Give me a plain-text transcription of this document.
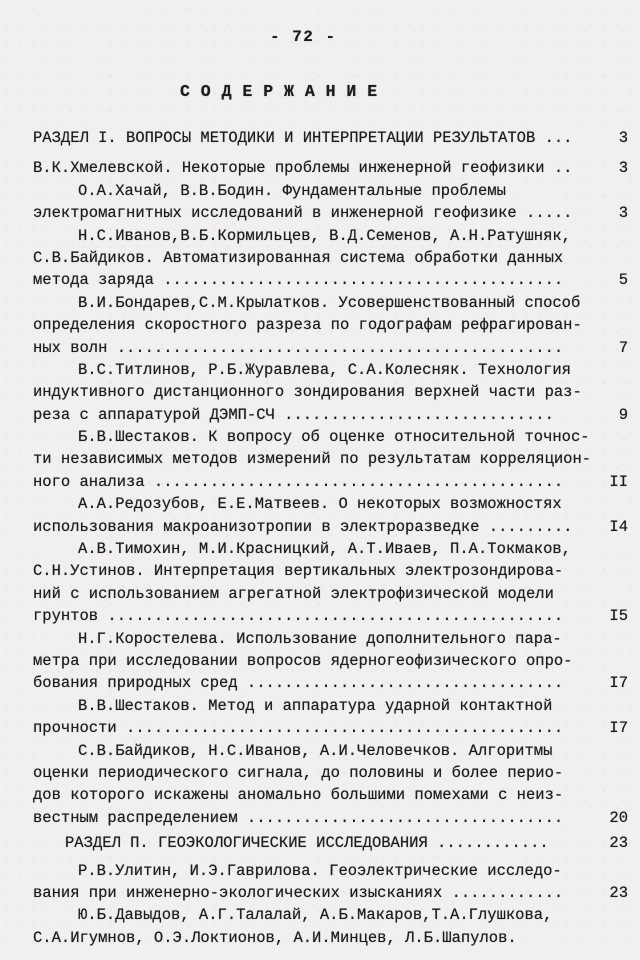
- 72 -
С О Д Е Р Ж А Н И Е
РАЗДЕЛ I. ВОПРОСЫ МЕТОДИКИ И ИНТЕРПРЕТАЦИИ РЕЗУЛЬТАТОВ ...	3
В.К.Хмелевской. Некоторые проблемы инженерной геофизики ..	3
О.А.Хачай, В.В.Бодин. Фундаментальные проблемы
электромагнитных исследований в инженерной геофизике .....	3
Н.С.Иванов,В.Б.Кормильцев, В.Д.Семенов, А.Н.Ратушняк,
С.В.Байдиков. Автоматизированная система обработки данных
метода заряда ...........................................	5
В.И.Бондарев,С.М.Крылатков. Усовершенствованный способ
определения скоростного разреза по годографам рефрагирован-
ных волн ................................................	7
В.С.Титлинов, Р.Б.Журавлева, С.А.Колесняк. Технология
индуктивного дистанционного зондирования верхней части раз-
реза с аппаратурой ДЭМП-СЧ .............................	9
Б.В.Шестаков. К вопросу об оценке относительной точнос-
ти независимых методов измерений по результатам корреляцион-
ного анализа ............................................	II
А.А.Редозубов, Е.Е.Матвеев. О некоторых возможностях
использования макроанизотропии в электроразведке .........	I4
А.В.Тимохин, М.И.Красницкий, А.Т.Иваев, П.А.Токмаков,
С.Н.Устинов. Интерпретация вертикальных электрозондирова-
ний с использованием агрегатной электрофизической модели
грунтов .................................................	I5
Н.Г.Коростелева. Использование дополнительного пара-
метра при исследовании вопросов ядерногеофизического опро-
бования природных сред ..................................	I7
В.В.Шестаков. Метод и аппаратура ударной контактной
прочности ...............................................	I7
С.В.Байдиков, Н.С.Иванов, А.И.Человечков. Алгоритмы
оценки периодического сигнала, до половины и более перио-
дов которого искажены аномально большими помехами с неиз-
вестным распределением ..................................	20
РАЗДЕЛ П. ГЕОЭКОЛОГИЧЕСКИЕ ИССЛЕДОВАНИЯ ............	23
Р.В.Улитин, И.Э.Гаврилова. Геоэлектрические исследо-
вания при инженерно-экологических изысканиях ............	23
Ю.Б.Давыдов, А.Г.Талалай, А.Б.Макаров,Т.А.Глушкова,
С.А.Игумнов, О.Э.Локтионов, А.И.Минцев, Л.Б.Шапулов.
